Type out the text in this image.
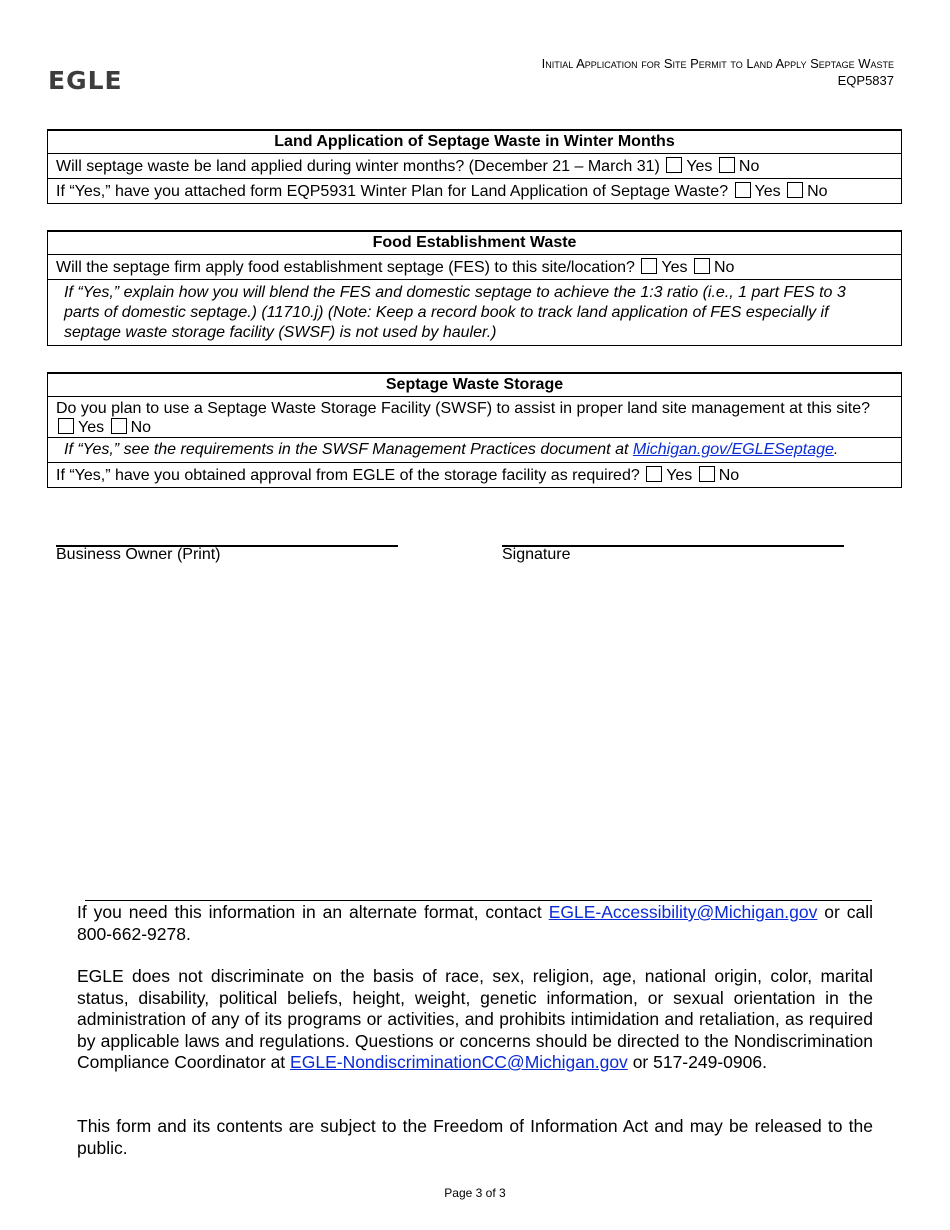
EGLE
Initial Application for Site Permit to Land Apply Septage Waste
EQP5837
Land Application of Septage Waste in Winter Months
Will septage waste be land applied during winter months? (December 21 – March 31) Yes No
If “Yes,” have you attached form EQP5931 Winter Plan for Land Application of Septage Waste? Yes No
Food Establishment Waste
Will the septage firm apply food establishment septage (FES) to this site/location? Yes No
If “Yes,” explain how you will blend the FES and domestic septage to achieve the 1:3 ratio (i.e., 1 part FES to 3 parts of domestic septage.) (11710.j) (Note: Keep a record book to track land application of FES especially if septage waste storage facility (SWSF) is not used by hauler.)
Septage Waste Storage
Do you plan to use a Septage Waste Storage Facility (SWSF) to assist in proper land site management at this site? Yes No
If “Yes,” see the requirements in the SWSF Management Practices document at Michigan.gov/EGLESeptage.
If “Yes,” have you obtained approval from EGLE of the storage facility as required? Yes No
Business Owner (Print)	Signature
If you need this information in an alternate format, contact EGLE-Accessibility@Michigan.gov or call 800-662-9278.
EGLE does not discriminate on the basis of race, sex, religion, age, national origin, color, marital status, disability, political beliefs, height, weight, genetic information, or sexual orientation in the administration of any of its programs or activities, and prohibits intimidation and retaliation, as required by applicable laws and regulations. Questions or concerns should be directed to the Nondiscrimination Compliance Coordinator at EGLE-NondiscriminationCC@Michigan.gov or 517-249-0906.
This form and its contents are subject to the Freedom of Information Act and may be released to the public.
Page 3 of 3
